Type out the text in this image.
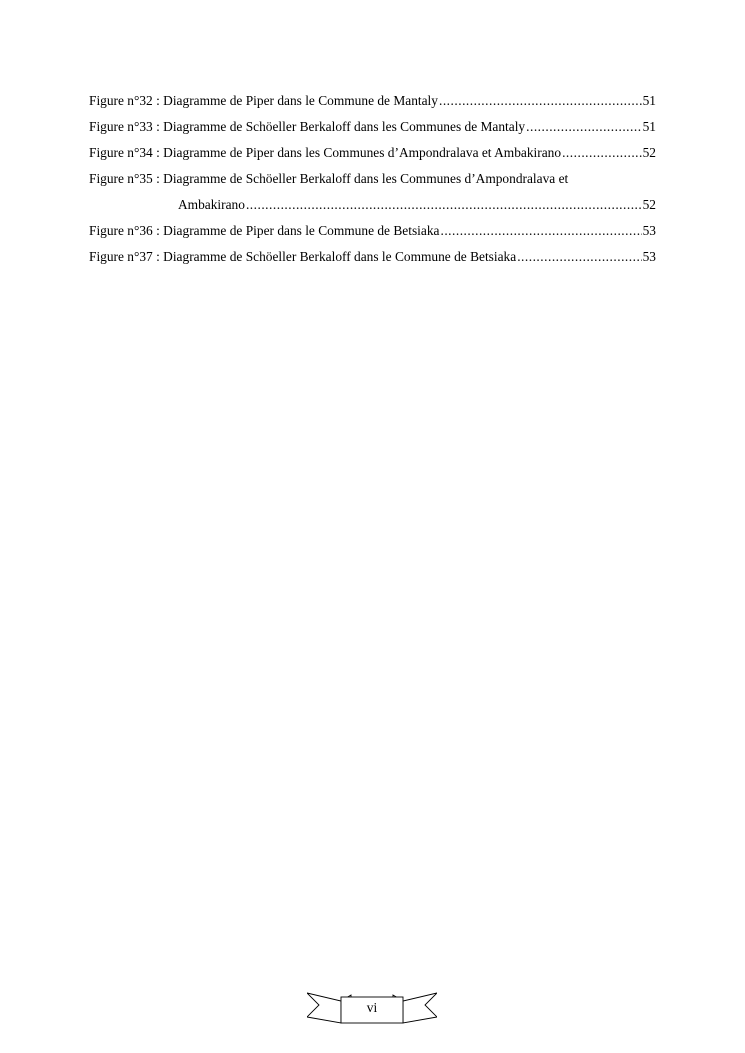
Figure n°32 : Diagramme de Piper dans le Commune de Mantaly .....	51
Figure n°33 : Diagramme de Schöeller Berkaloff dans les Communes de Mantaly .....	51
Figure n°34 : Diagramme de Piper dans les Communes d’Ampondralava et Ambakirano .....	52
Figure n°35 : Diagramme de Schöeller Berkaloff dans les Communes d’Ampondralava et
Ambakirano .....	52
Figure n°36 : Diagramme de Piper dans le Commune de Betsiaka .....	53
Figure n°37 : Diagramme de Schöeller Berkaloff dans le Commune de Betsiaka .....	53
vi
